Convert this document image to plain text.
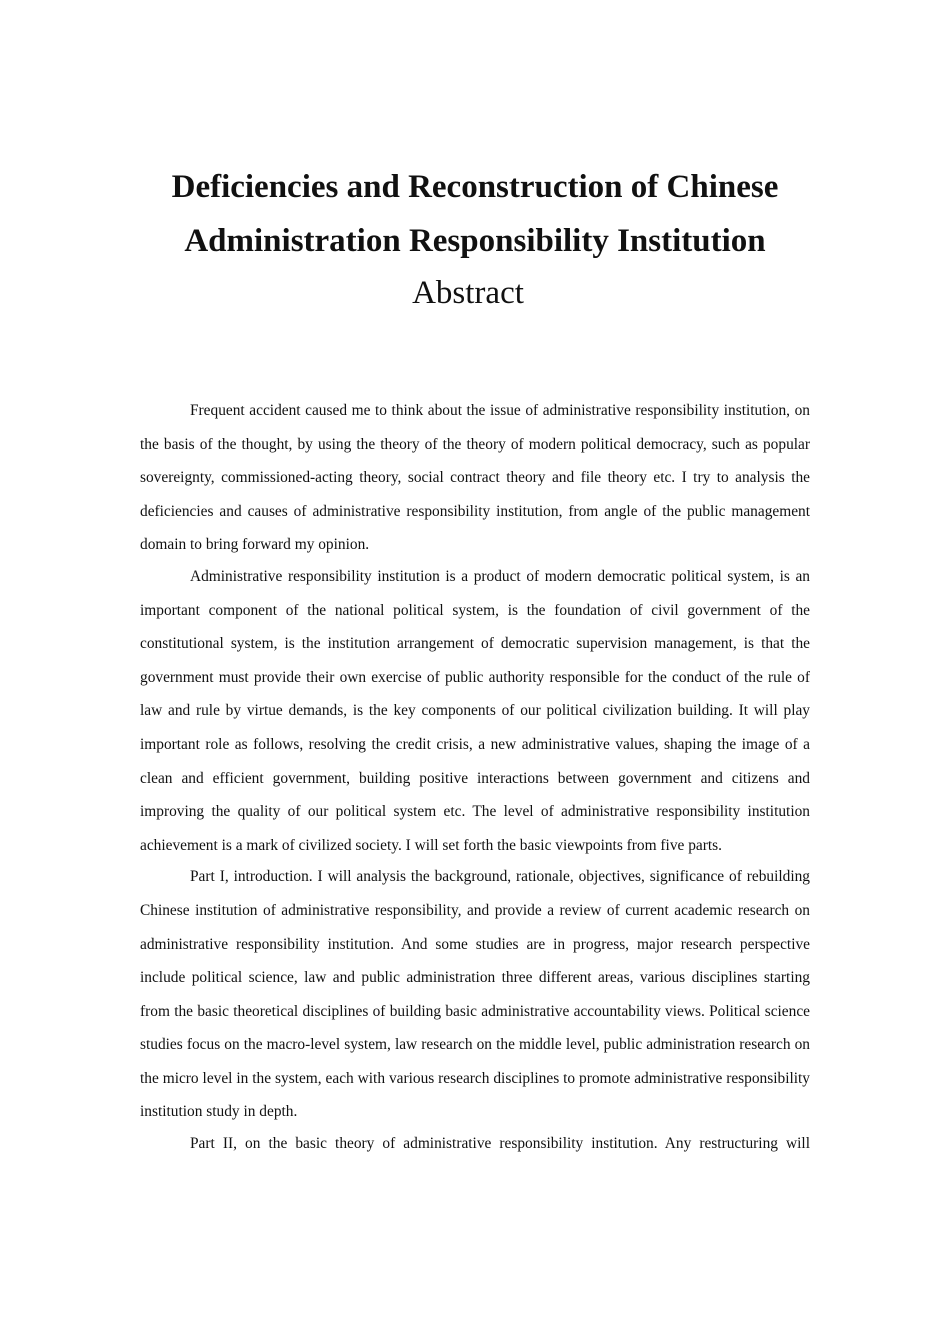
Deficiencies and Reconstruction of Chinese
Administration Responsibility Institution
Abstract

Frequent accident caused me to think about the issue of administrative responsibility institution, on the basis of the thought, by using the theory of the theory of modern political democracy, such as popular sovereignty, commissioned-acting theory, social contract theory and file theory etc. I try to analysis the deficiencies and causes of administrative responsibility institution, from angle of the public management domain to bring forward my opinion.

Administrative responsibility institution is a product of modern democratic political system, is an important component of the national political system, is the foundation of civil government of the constitutional system, is the institution arrangement of democratic supervision management, is that the government must provide their own exercise of public authority responsible for the conduct of the rule of law and rule by virtue demands, is the key components of our political civilization building. It will play important role as follows, resolving the credit crisis, a new administrative values, shaping the image of a clean and efficient government, building positive interactions between government and citizens and improving the quality of our political system etc. The level of administrative responsibility institution achievement is a mark of civilized society. I will set forth the basic viewpoints from five parts.

Part I, introduction. I will analysis the background, rationale, objectives, significance of rebuilding Chinese institution of administrative responsibility, and provide a review of current academic research on administrative responsibility institution. And some studies are in progress, major research perspective include political science, law and public administration three different areas, various disciplines starting from the basic theoretical disciplines of building basic administrative accountability views. Political science studies focus on the macro-level system, law research on the middle level, public administration research on the micro level in the system, each with various research disciplines to promote administrative responsibility institution study in depth.

Part II, on the basic theory of administrative responsibility institution. Any restructuring will
